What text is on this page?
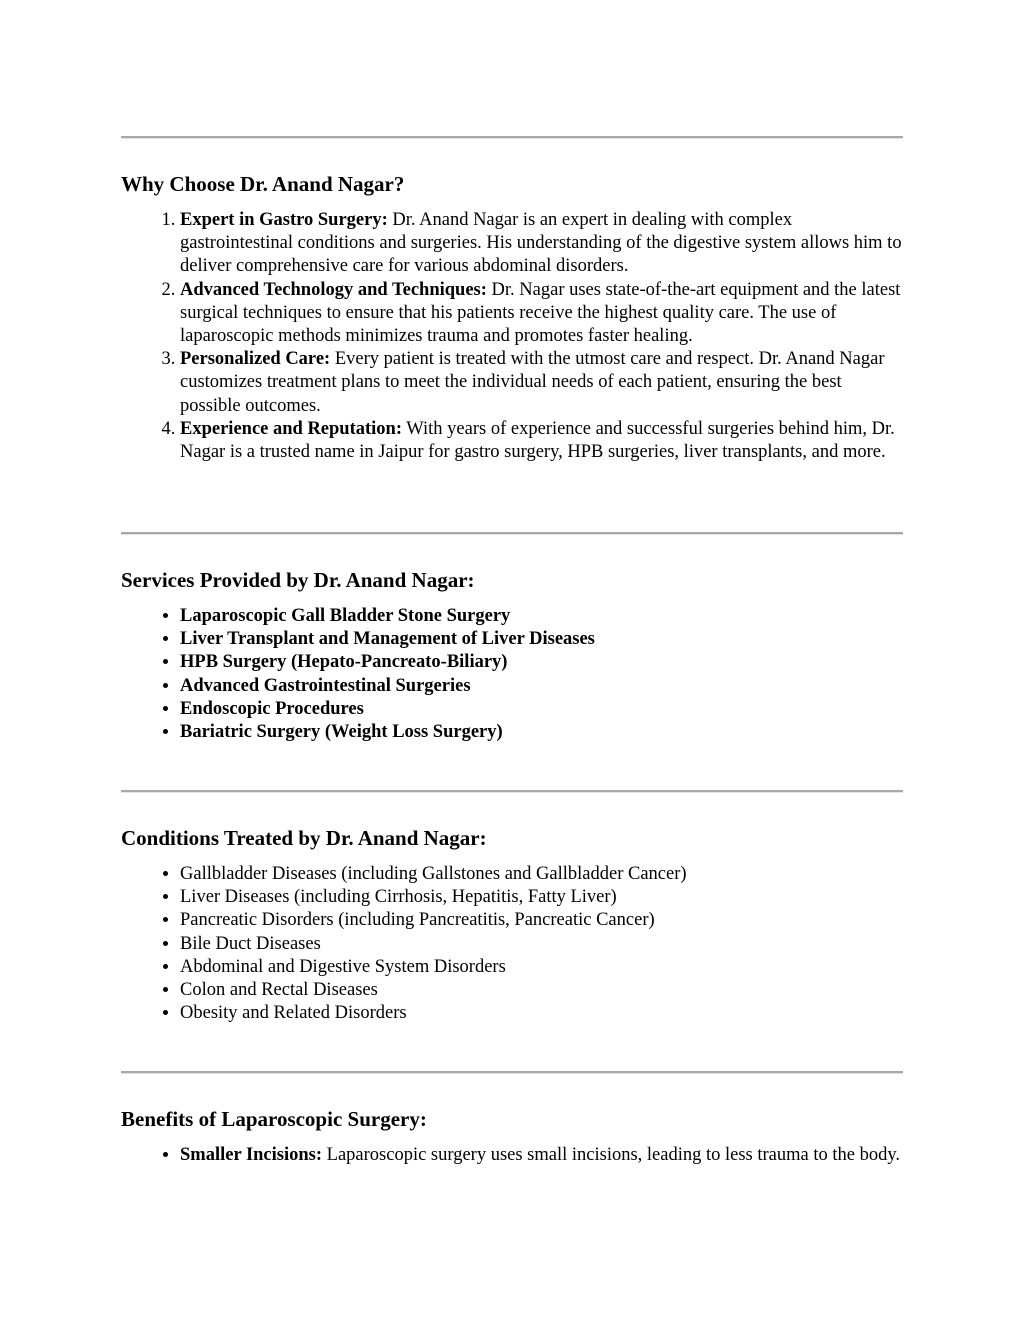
Why Choose Dr. Anand Nagar?
1. Expert in Gastro Surgery: Dr. Anand Nagar is an expert in dealing with complex gastrointestinal conditions and surgeries. His understanding of the digestive system allows him to deliver comprehensive care for various abdominal disorders.
2. Advanced Technology and Techniques: Dr. Nagar uses state-of-the-art equipment and the latest surgical techniques to ensure that his patients receive the highest quality care. The use of laparoscopic methods minimizes trauma and promotes faster healing.
3. Personalized Care: Every patient is treated with the utmost care and respect. Dr. Anand Nagar customizes treatment plans to meet the individual needs of each patient, ensuring the best possible outcomes.
4. Experience and Reputation: With years of experience and successful surgeries behind him, Dr. Nagar is a trusted name in Jaipur for gastro surgery, HPB surgeries, liver transplants, and more.
Services Provided by Dr. Anand Nagar:
• Laparoscopic Gall Bladder Stone Surgery
• Liver Transplant and Management of Liver Diseases
• HPB Surgery (Hepato-Pancreato-Biliary)
• Advanced Gastrointestinal Surgeries
• Endoscopic Procedures
• Bariatric Surgery (Weight Loss Surgery)
Conditions Treated by Dr. Anand Nagar:
• Gallbladder Diseases (including Gallstones and Gallbladder Cancer)
• Liver Diseases (including Cirrhosis, Hepatitis, Fatty Liver)
• Pancreatic Disorders (including Pancreatitis, Pancreatic Cancer)
• Bile Duct Diseases
• Abdominal and Digestive System Disorders
• Colon and Rectal Diseases
• Obesity and Related Disorders
Benefits of Laparoscopic Surgery:
• Smaller Incisions: Laparoscopic surgery uses small incisions, leading to less trauma to the body.
